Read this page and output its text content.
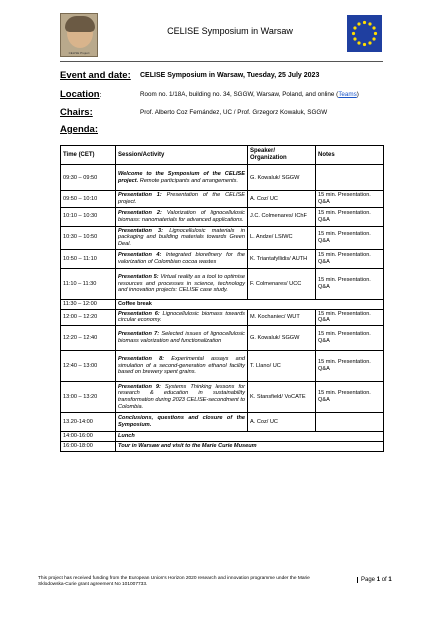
CELISE Project
CELISE Symposium in Warsaw
Event and date: CELISE Symposium in Warsaw, Tuesday, 25 July 2023
Location:	Room no. 1/18A, building no. 34, SGGW, Warsaw, Poland, and online (Teams)
Chairs:	Prof. Alberto Coz Fernández, UC / Prof. Grzegorz Kowaluk, SGGW
Agenda:
Time (CET)	Session/Activity	Speaker/ Organization	Notes
09:30 – 09:50	Welcome to the Symposium of the CELISE project. Remote participants and arrangements.	G. Kowaluk/ SGGW	
09:50 – 10:10	Presentation 1: Presentation of the CELISE project.	A. Coz/ UC	15 min. Presentation. Q&A
10:10 – 10:30	Presentation 2: Valorization of lignocellulosic biomass: nanomaterials for advanced applications.	J.C. Colmenares/ IChF	15 min. Presentation. Q&A
10:30 – 10:50	Presentation 3: Lignocellulosic materials in packaging and building materials towards Green Deal.	L. Andze/ LSIWC	15 min. Presentation. Q&A
10:50 – 11:10	Presentation 4: Integrated biorefinery for the valorization of Colombian cocoa wastes	K. Triantafyllidis/ AUTH	15 min. Presentation. Q&A
11:10 – 11:30	Presentation 5: Virtual reality as a tool to optimise resources and processes in science, technology and innovation projects: CELISE case study.	F. Colmenares/ UCC	15 min. Presentation. Q&A
11:30 – 12:00	Coffee break		
12:00 – 12:20	Presentation 6: Lignocellulosic biomass towards circular economy.	M. Kochaniec/ WUT	15 min. Presentation. Q&A
12:20 – 12:40	Presentation 7: Selected issues of lignocellulosic biomass valorization and functionalization	G. Kowaluk/ SGGW	15 min. Presentation. Q&A
12:40 – 13:00	Presentation 8: Experimental assays and simulation of a second-generation ethanol facility based on brewery spent grains.	T. Llano/ UC	15 min. Presentation. Q&A
13:00 – 13:20	Presentation 9: Systems Thinking lessons for research & education in sustainability transformation during 2023 CELISE-secondment to Colombia.	K. Stansfield/ VoCATE	15 min. Presentation. Q&A
13.20-14:00	Conclusions, questions and closure of the Symposium.	A. Coz/ UC	
14:00-16:00	Lunch		
16:00-18:00	Tour in Warsaw and visit to the Marie Curie Museum		
This project has received funding from the European Union's Horizon 2020 research and innovation programme under the Marie Sklodowska-Curie grant agreement No 101007733.
Page 1 of 1
